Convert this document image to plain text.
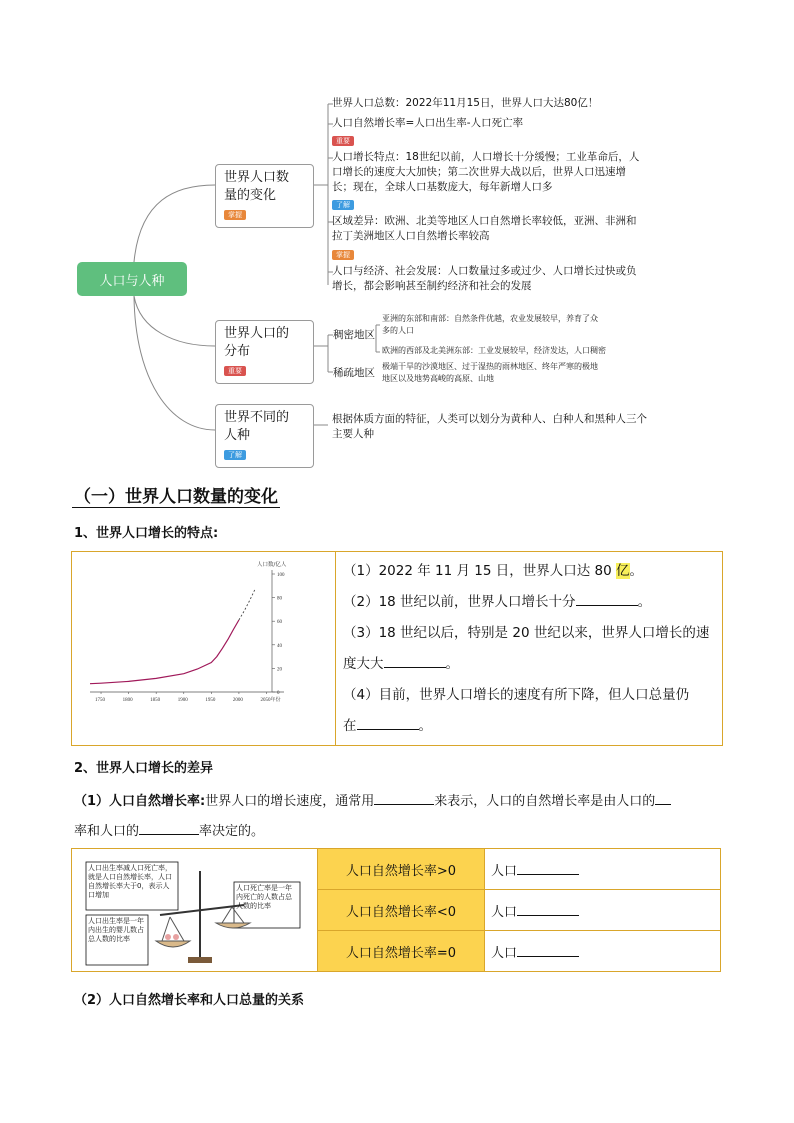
人口与人种
世界人口数
量的变化
掌握
世界人口的
分布
重要
世界不同的
人种
了解
世界人口总数：2022年11月15日，世界人口大达80亿！
人口自然增长率=人口出生率-人口死亡率
重要
人口增长特点：18世纪以前，人口增长十分缓慢；工业革命后，人
口增长的速度大大加快；第二次世界大战以后，世界人口迅速增
长；现在，全球人口基数庞大，每年新增人口多
了解
区域差异：欧洲、北美等地区人口自然增长率较低，亚洲、非洲和
拉丁美洲地区人口自然增长率较高
掌握
人口与经济、社会发展：人口数量过多或过少、人口增长过快或负
增长，都会影响甚至制约经济和社会的发展
稠密地区
亚洲的东部和南部：自然条件优越，农业发展较早，养育了众
多的人口
欧洲的西部及北美洲东部：工业发展较早，经济发达，人口稠密
稀疏地区
极端干旱的沙漠地区、过于湿热的雨林地区、终年严寒的极地
地区以及地势高峻的高原、山地
根据体质方面的特征，人类可以划分为黄种人、白种人和黑种人三个
主要人种
（一）世界人口数量的变化
1、世界人口增长的特点:
0
20
40
60
80
100
1750	1800	1850	1900	1950	2000	2050年份
人口数/亿人	（1）2022 年 11 月 15 日，世界人口达 80 亿。
（2）18 世纪以前，世界人口增长十分	。
（3）18 世纪以后，特别是 20 世纪以来，世界人口增长的速
度大大	。
（4）目前，世界人口增长的速度有所下降，但人口总量仍
在	。
2、世界人口增长的差异
（1）人口自然增长率:世界人口的增长速度，通常用	来表示，人口的自然增长率是由人口的
率和人口的	率决定的。
人口出生率减人口死亡率，就是人口自然增长率，人口自然增长率大于0，表示人口增加
人口出生率是一年内出生的婴儿数占总人数的比率
人口死亡率是一年内死亡的人数占总人数的比率	人口自然增长率>0	人口
	人口自然增长率<0	人口
	人口自然增长率=0	人口
（2）人口自然增长率和人口总量的关系
